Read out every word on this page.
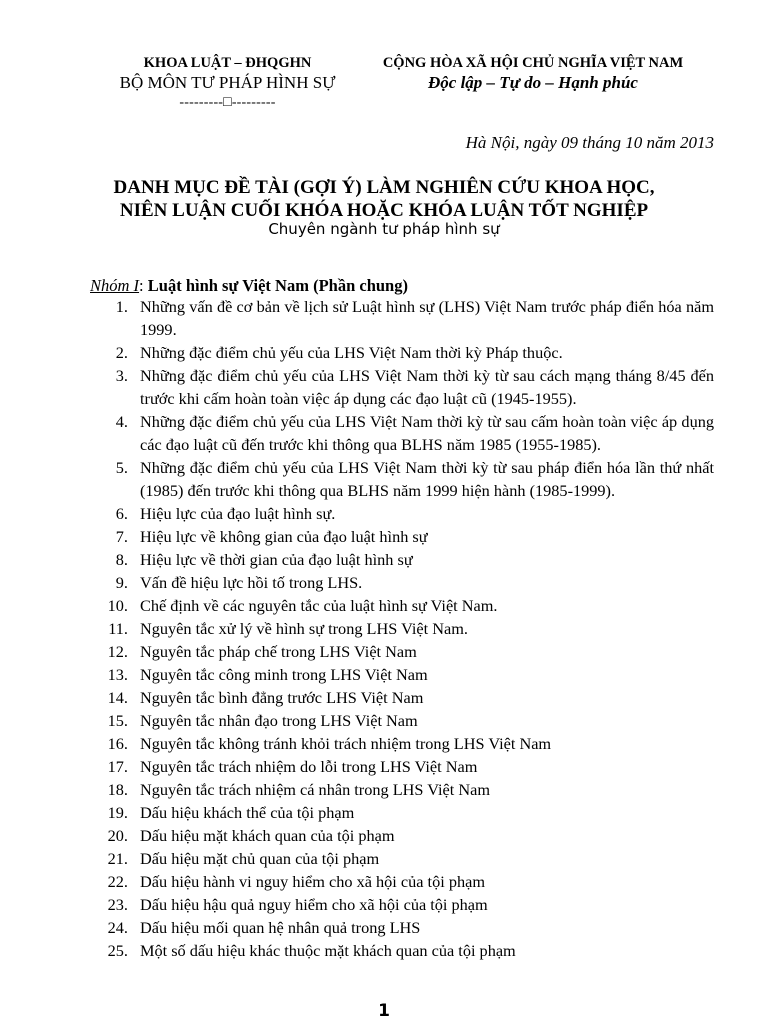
KHOA LUẬT – ĐHQGHN
BỘ MÔN TƯ PHÁP HÌNH SỰ
---------□---------
CỘNG HÒA XÃ HỘI CHỦ NGHĨA VIỆT NAM
Độc lập – Tự do – Hạnh phúc
Hà Nội, ngày 09 tháng 10 năm 2013
DANH MỤC ĐỀ TÀI (GỢI Ý) LÀM NGHIÊN CỨU KHOA HỌC,
NIÊN LUẬN CUỐI KHÓA HOẶC KHÓA LUẬN TỐT NGHIỆP
Chuyên ngành tư pháp hình sự
Nhóm I: Luật hình sự Việt Nam (Phần chung)
1. Những vấn đề cơ bản về lịch sử Luật hình sự (LHS) Việt Nam trước pháp điển hóa năm 1999.
2. Những đặc điểm chủ yếu của LHS Việt Nam thời kỳ Pháp thuộc.
3. Những đặc điểm chủ yếu của LHS Việt Nam thời kỳ từ sau cách mạng tháng 8/45 đến trước khi cấm hoàn toàn việc áp dụng các đạo luật cũ (1945-1955).
4. Những đặc điểm chủ yếu của LHS Việt Nam thời kỳ từ sau cấm hoàn toàn việc áp dụng các đạo luật cũ đến trước khi thông qua BLHS năm 1985 (1955-1985).
5. Những đặc điểm chủ yếu của LHS Việt Nam thời kỳ từ sau pháp điển hóa lần thứ nhất (1985) đến trước khi thông qua BLHS năm 1999 hiện hành (1985-1999).
6. Hiệu lực của đạo luật hình sự.
7. Hiệu lực về không gian của đạo luật hình sự
8. Hiệu lực về thời gian của đạo luật hình sự
9. Vấn đề hiệu lực hồi tố trong LHS.
10. Chế định về các nguyên tắc của luật hình sự Việt Nam.
11. Nguyên tắc xử lý về hình sự trong LHS Việt Nam.
12. Nguyên tắc pháp chế trong LHS Việt Nam
13. Nguyên tắc công minh trong LHS Việt Nam
14. Nguyên tắc bình đẳng trước LHS Việt Nam
15. Nguyên tắc nhân đạo trong LHS Việt Nam
16. Nguyên tắc không tránh khỏi trách nhiệm trong LHS Việt Nam
17. Nguyên tắc trách nhiệm do lỗi trong LHS Việt Nam
18. Nguyên tắc trách nhiệm cá nhân trong LHS Việt Nam
19. Dấu hiệu khách thể của tội phạm
20. Dấu hiệu mặt khách quan của tội phạm
21. Dấu hiệu mặt chủ quan của tội phạm
22. Dấu hiệu hành vi nguy hiểm cho xã hội của tội phạm
23. Dấu hiệu hậu quả nguy hiểm cho xã hội của tội phạm
24. Dấu hiệu mối quan hệ nhân quả trong LHS
25. Một số dấu hiệu khác thuộc mặt khách quan của tội phạm
1
